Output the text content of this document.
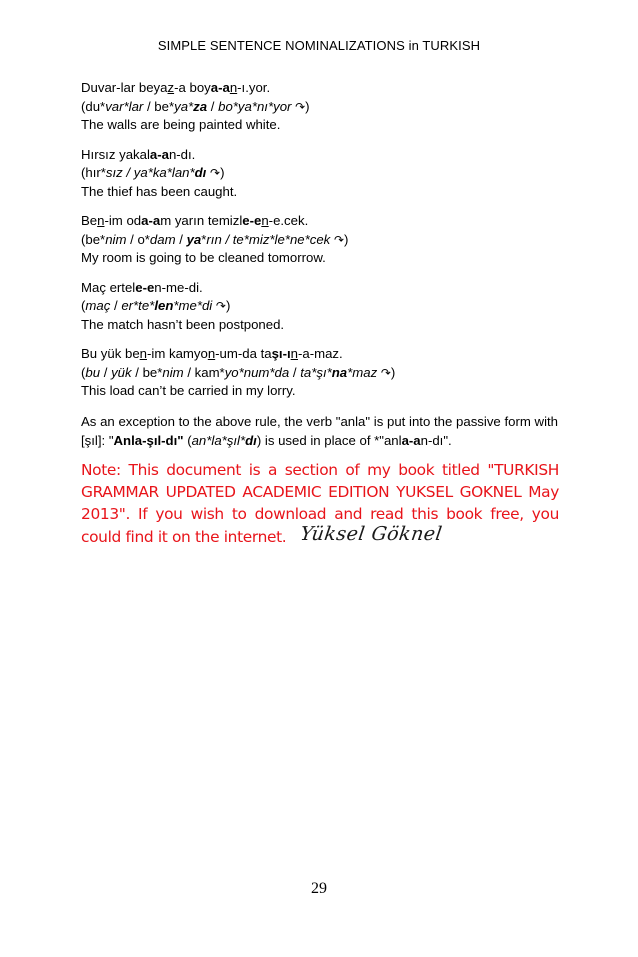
SIMPLE SENTENCE NOMINALIZATIONS in TURKISH
Duvar-lar beyaz-a boya-an-ı.yor.
(du*var*lar / be*ya*za / bo*ya*nı*yor ↷)
The walls are being painted white.
Hırsız yakala-an-dı.
(hır*sız / ya*ka*lan*dı ↷)
The thief has been caught.
Ben-im oda-am yarın temizle-en-e.cek.
(be*nim / o*dam / ya*rın / te*miz*le*ne*cek ↷)
My room is going to be cleaned tomorrow.
Maç ertele-en-me-di.
(maç / er*te*len*me*di ↷)
The match hasn’t been postponed.
Bu yük ben-im kamyon-um-da taşı-ın-a-maz.
(bu / yük / be*nim / kam*yo*num*da / ta*şı*na*maz ↷)
This load can’t be carried in my lorry.
As an exception to the above rule, the verb "anla" is put into the passive form with [şıl]: "Anla-şıl-dı" (an*la*şıl*dı) is used in place of *"anla-an-dı".
Note: This document is a section of my book titled "TURKISH GRAMMAR UPDATED ACADEMIC EDITION YUKSEL GOKNEL May 2013". If you wish to download and read this book free, you could find it on the internet. Yüksel Göknel
29
